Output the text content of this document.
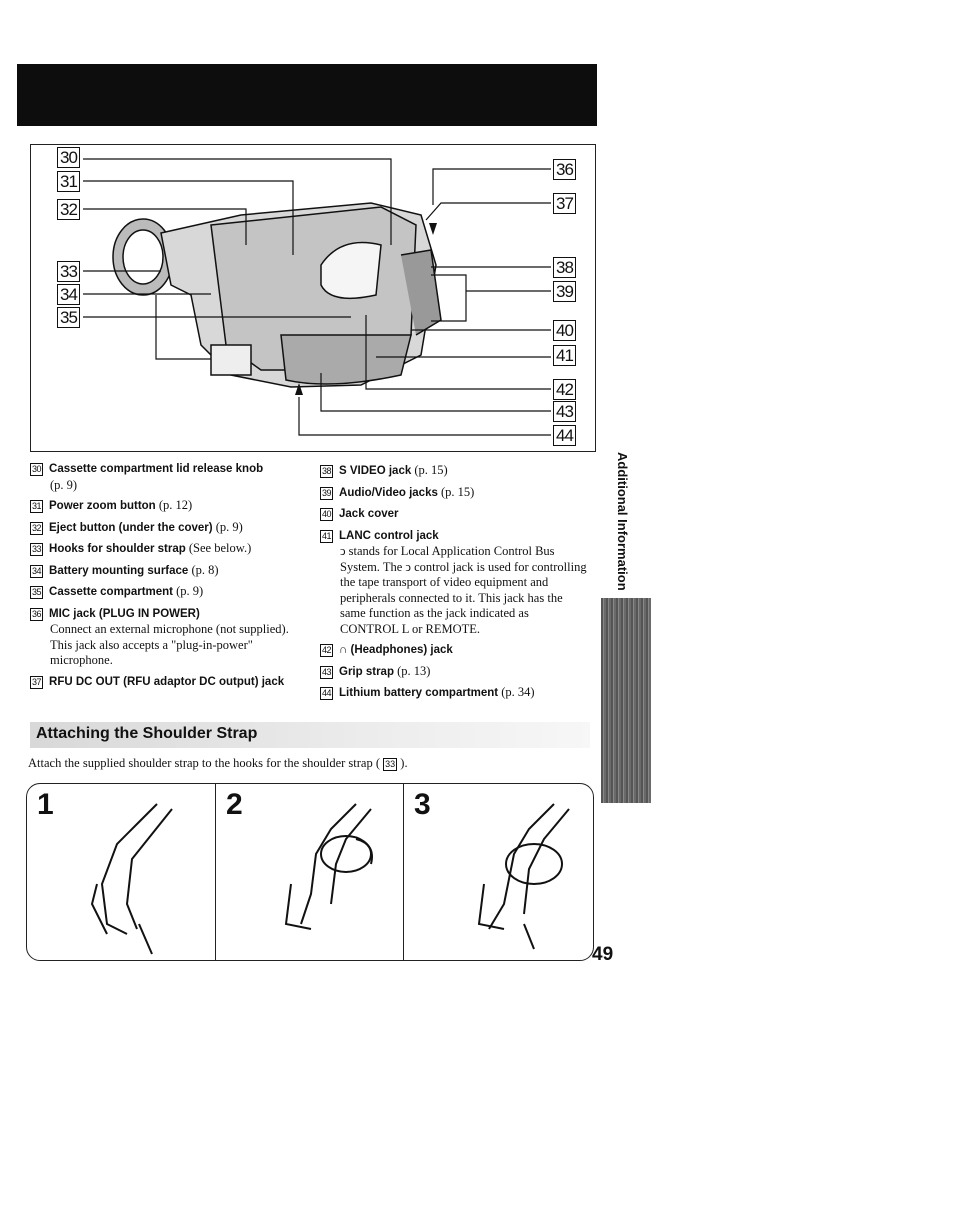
30
31
32
33
34
35
36
37
38
39
40
41
42
43
44
30 Cassette compartment lid release knob
(p. 9)
31 Power zoom button (p. 12)
32 Eject button (under the cover) (p. 9)
33 Hooks for shoulder strap (See below.)
34 Battery mounting surface (p. 8)
35 Cassette compartment (p. 9)
36 MIC jack (PLUG IN POWER)
Connect an external microphone (not supplied). This jack also accepts a "plug-in-power" microphone.
37 RFU DC OUT (RFU adaptor DC output) jack
38 S VIDEO jack (p. 15)
39 Audio/Video jacks (p. 15)
40 Jack cover
41 LANC control jack
ↄ stands for Local Application Control Bus System. The ↄ control jack is used for controlling the tape transport of video equipment and peripherals connected to it. This jack has the same function as the jack indicated as CONTROL L or REMOTE.
42 ∩ (Headphones) jack
43 Grip strap (p. 13)
44 Lithium battery compartment (p. 34)
Additional Information
Attaching the Shoulder Strap
Attach the supplied shoulder strap to the hooks for the shoulder strap ( 33 ).
1	2	3
49
